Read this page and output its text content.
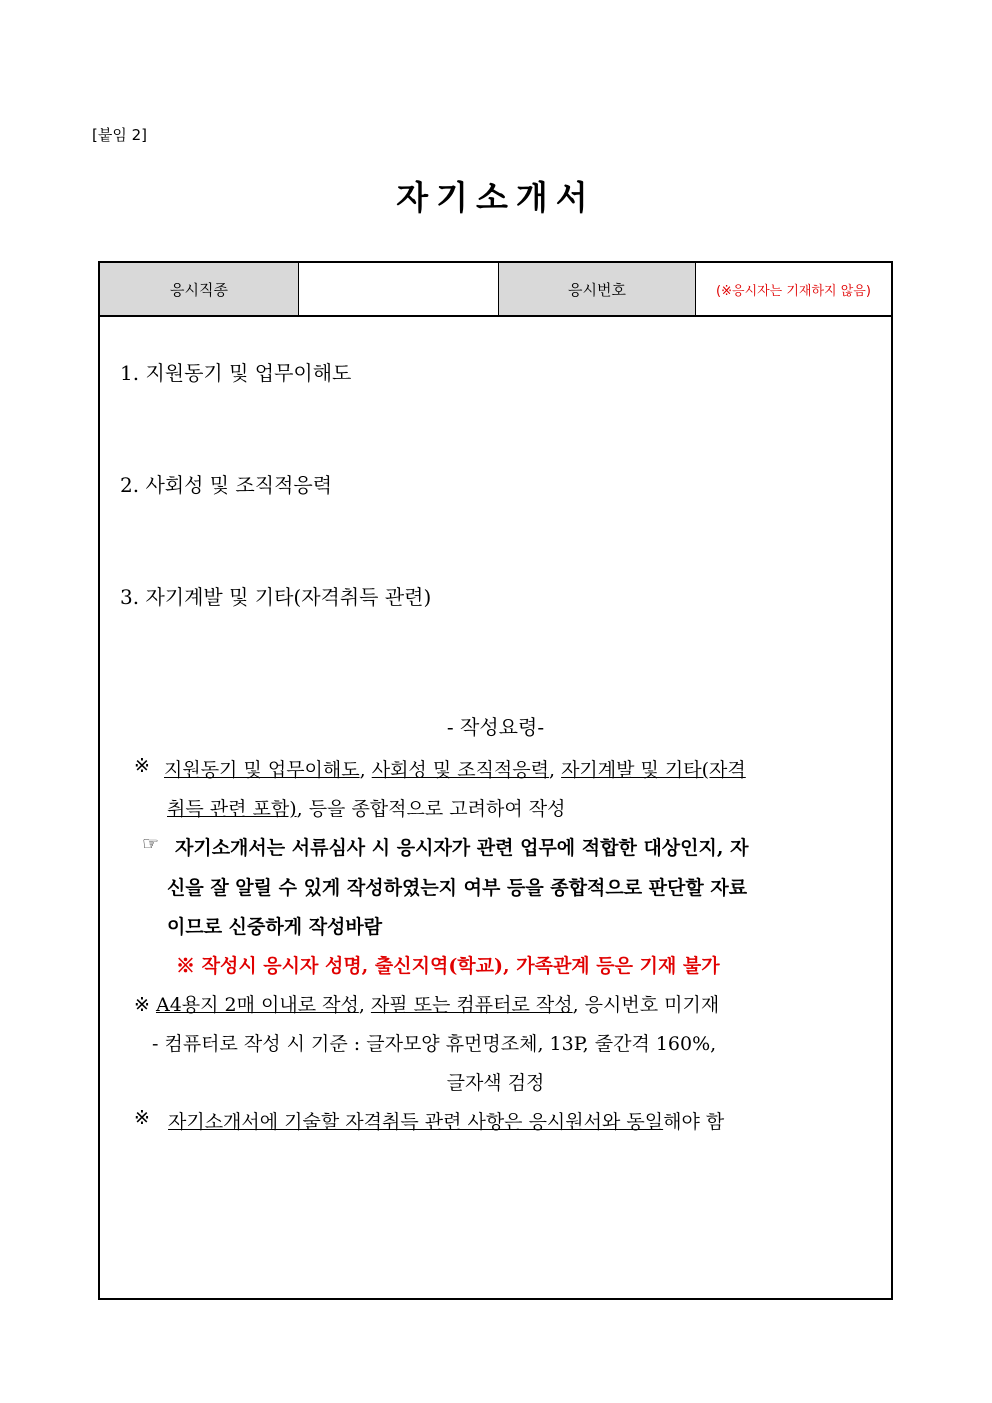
[붙임 2]
자기소개서
응시직종	응시번호	(※응시자는 기재하지 않음)
1. 지원동기 및 업무이해도
2. 사회성 및 조직적응력
3. 자기계발 및 기타(자격취득 관련)
- 작성요령-
※ 지원동기 및 업무이해도, 사회성 및 조직적응력, 자기계발 및 기타(자격
취득 관련 포함), 등을 종합적으로 고려하여 작성
☞ 자기소개서는 서류심사 시 응시자가 관련 업무에 적합한 대상인지, 자
신을 잘 알릴 수 있게 작성하였는지 여부 등을 종합적으로 판단할 자료
이므로 신중하게 작성바람
※ 작성시 응시자 성명, 출신지역(학교), 가족관계 등은 기재 불가
※ A4용지 2매 이내로 작성, 자필 또는 컴퓨터로 작성, 응시번호 미기재
- 컴퓨터로 작성 시 기준 : 글자모양 휴먼명조체, 13P, 줄간격 160%,
글자색 검정
※ 자기소개서에 기술할 자격취득 관련 사항은 응시원서와 동일해야 함
